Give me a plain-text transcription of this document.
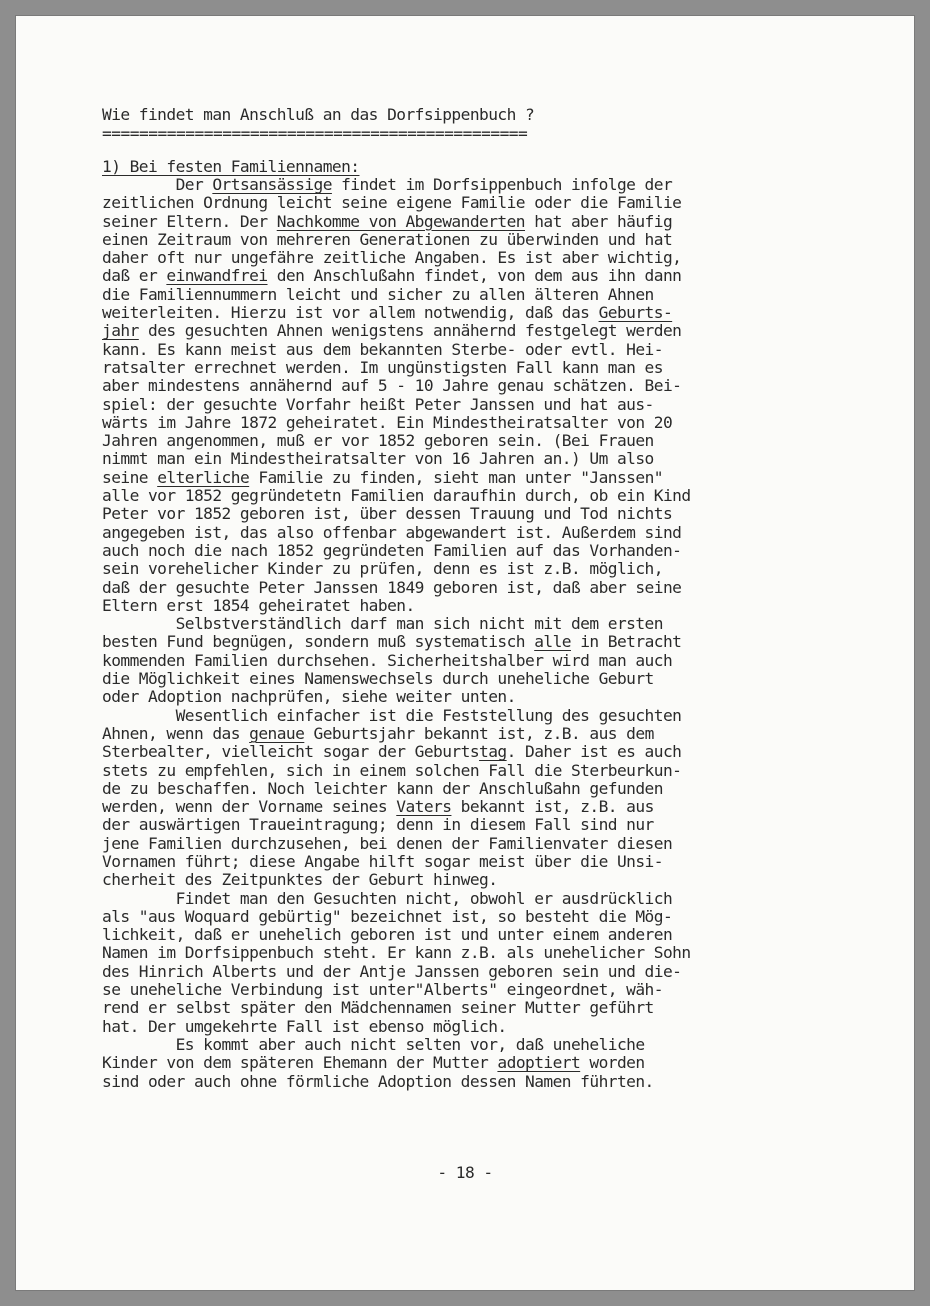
Wie findet man Anschluß an das Dorfsippenbuch ?
==============================================
1) Bei festen Familiennamen:
Der Ortsansässige findet im Dorfsippenbuch infolge der
zeitlichen Ordnung leicht seine eigene Familie oder die Familie
seiner Eltern. Der Nachkomme von Abgewanderten hat aber häufig
einen Zeitraum von mehreren Generationen zu überwinden und hat
daher oft nur ungefähre zeitliche Angaben. Es ist aber wichtig,
daß er einwandfrei den Anschlußahn findet, von dem aus ihn dann
die Familiennummern leicht und sicher zu allen älteren Ahnen
weiterleiten. Hierzu ist vor allem notwendig, daß das Geburts-
jahr des gesuchten Ahnen wenigstens annähernd festgelegt werden
kann. Es kann meist aus dem bekannten Sterbe- oder evtl. Hei-
ratsalter errechnet werden. Im ungünstigsten Fall kann man es
aber mindestens annähernd auf 5 - 10 Jahre genau schätzen. Bei-
spiel: der gesuchte Vorfahr heißt Peter Janssen und hat aus-
wärts im Jahre 1872 geheiratet. Ein Mindestheiratsalter von 20
Jahren angenommen, muß er vor 1852 geboren sein. (Bei Frauen
nimmt man ein Mindestheiratsalter von 16 Jahren an.) Um also
seine elterliche Familie zu finden, sieht man unter "Janssen"
alle vor 1852 gegründetetn Familien daraufhin durch, ob ein Kind
Peter vor 1852 geboren ist, über dessen Trauung und Tod nichts
angegeben ist, das also offenbar abgewandert ist. Außerdem sind
auch noch die nach 1852 gegründeten Familien auf das Vorhanden-
sein vorehelicher Kinder zu prüfen, denn es ist z.B. möglich,
daß der gesuchte Peter Janssen 1849 geboren ist, daß aber seine
Eltern erst 1854 geheiratet haben.
Selbstverständlich darf man sich nicht mit dem ersten
besten Fund begnügen, sondern muß systematisch alle in Betracht
kommenden Familien durchsehen. Sicherheitshalber wird man auch
die Möglichkeit eines Namenswechsels durch uneheliche Geburt
oder Adoption nachprüfen, siehe weiter unten.
Wesentlich einfacher ist die Feststellung des gesuchten
Ahnen, wenn das genaue Geburtsjahr bekannt ist, z.B. aus dem
Sterbealter, vielleicht sogar der Geburtstag. Daher ist es auch
stets zu empfehlen, sich in einem solchen Fall die Sterbeurkun-
de zu beschaffen. Noch leichter kann der Anschlußahn gefunden
werden, wenn der Vorname seines Vaters bekannt ist, z.B. aus
der auswärtigen Traueintragung; denn in diesem Fall sind nur
jene Familien durchzusehen, bei denen der Familienvater diesen
Vornamen führt; diese Angabe hilft sogar meist über die Unsi-
cherheit des Zeitpunktes der Geburt hinweg.
Findet man den Gesuchten nicht, obwohl er ausdrücklich
als "aus Woquard gebürtig" bezeichnet ist, so besteht die Mög-
lichkeit, daß er unehelich geboren ist und unter einem anderen
Namen im Dorfsippenbuch steht. Er kann z.B. als unehelicher Sohn
des Hinrich Alberts und der Antje Janssen geboren sein und die-
se uneheliche Verbindung ist unter"Alberts" eingeordnet, wäh-
rend er selbst später den Mädchennamen seiner Mutter geführt
hat. Der umgekehrte Fall ist ebenso möglich.
Es kommt aber auch nicht selten vor, daß uneheliche
Kinder von dem späteren Ehemann der Mutter adoptiert worden
sind oder auch ohne förmliche Adoption dessen Namen führten.
- 18 -
